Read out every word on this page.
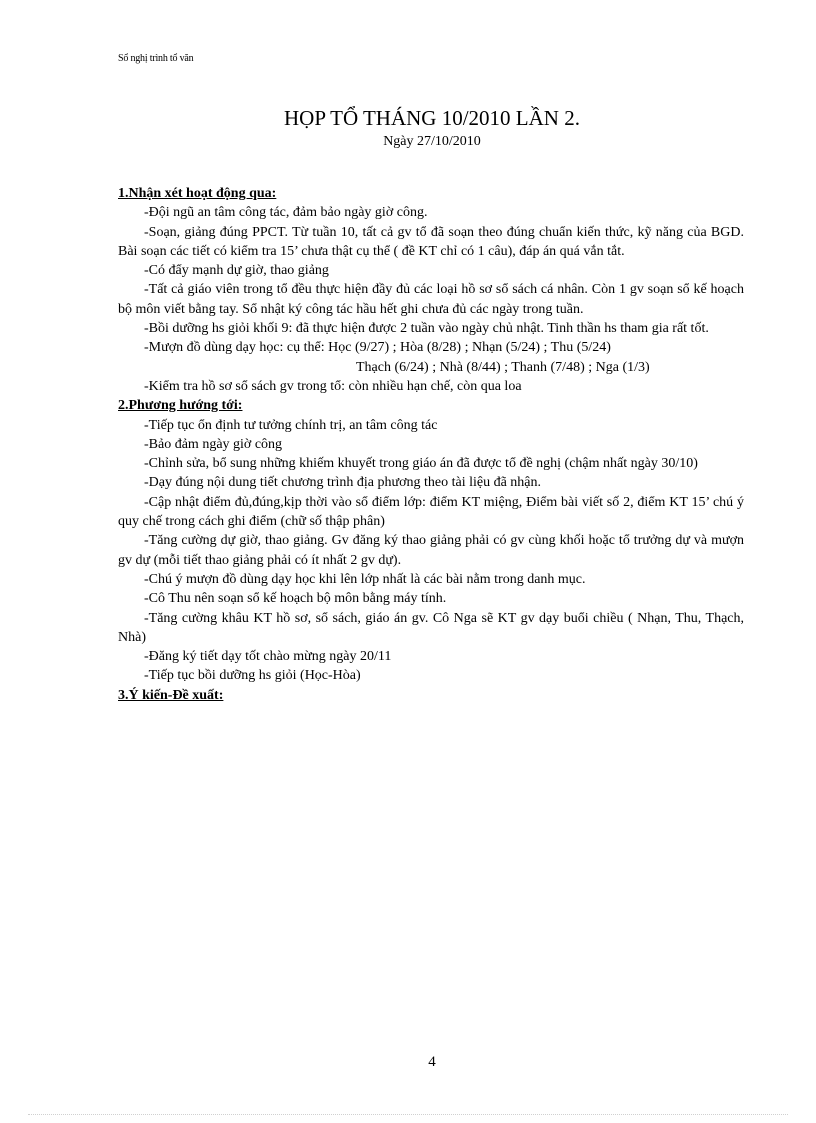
Sổ nghị trình tổ văn
HỌP TỔ THÁNG 10/2010 LẦN 2.
Ngày 27/10/2010
1.Nhận xét hoạt động qua:
-Đội ngũ an tâm công tác, đảm bảo ngày giờ công.
-Soạn, giảng đúng PPCT. Từ tuần 10, tất cả gv tổ đã soạn theo đúng chuẩn kiến thức, kỹ năng của BGD. Bài soạn các tiết có kiểm tra 15’ chưa thật cụ thể ( đề KT chỉ có 1 câu), đáp án quá vắn tắt.
-Có đẩy mạnh dự giờ, thao giảng
-Tất cả giáo viên trong tổ đều thực hiện đầy đủ các loại hồ sơ sổ sách cá nhân. Còn 1 gv soạn sổ kế hoạch bộ môn viết bằng tay. Sổ nhật ký công tác hầu hết ghi chưa đủ các ngày trong tuần.
-Bồi dưỡng hs giỏi khối 9: đã thực hiện được 2 tuần vào ngày chủ nhật. Tinh thần hs tham gia rất tốt.
-Mượn đồ dùng dạy học: cụ thể: Học (9/27) ; Hòa (8/28) ; Nhạn (5/24) ; Thu (5/24)
Thạch (6/24) ; Nhà (8/44) ; Thanh (7/48) ; Nga (1/3)
-Kiểm tra hồ sơ sổ sách gv trong tổ: còn nhiều hạn chế, còn qua loa
2.Phương hướng tới:
-Tiếp tục ổn định tư tưởng chính trị, an tâm công tác
-Bảo đảm ngày giờ công
-Chỉnh sửa, bổ sung những khiếm khuyết trong giáo án đã được tổ đề nghị (chậm nhất ngày 30/10)
-Dạy đúng nội dung tiết chương trình địa phương theo tài liệu đã nhận.
-Cập nhật điểm đủ,đúng,kịp thời vào sổ điểm lớp: điểm KT miệng, Điểm bài viết số 2, điểm KT 15’ chú ý quy chế trong cách ghi điểm (chữ số thập phân)
-Tăng cường dự giờ, thao giảng. Gv đăng ký thao giảng phải có gv cùng khối hoặc tổ trưởng dự và mượn gv dự (mỗi tiết thao giảng phải có ít nhất 2 gv dự).
-Chú ý mượn đồ dùng dạy học khi lên lớp nhất là các bài nằm trong danh mục.
-Cô Thu nên soạn sổ kế hoạch bộ môn bằng máy tính.
-Tăng cường khâu KT hồ sơ, sổ sách, giáo án gv. Cô Nga sẽ KT gv dạy buổi chiều ( Nhạn, Thu, Thạch, Nhà)
-Đăng ký tiết dạy tốt chào mừng ngày 20/11
-Tiếp tục bồi dưỡng hs giỏi (Học-Hòa)
3.Ý kiến-Đề xuất:
4
